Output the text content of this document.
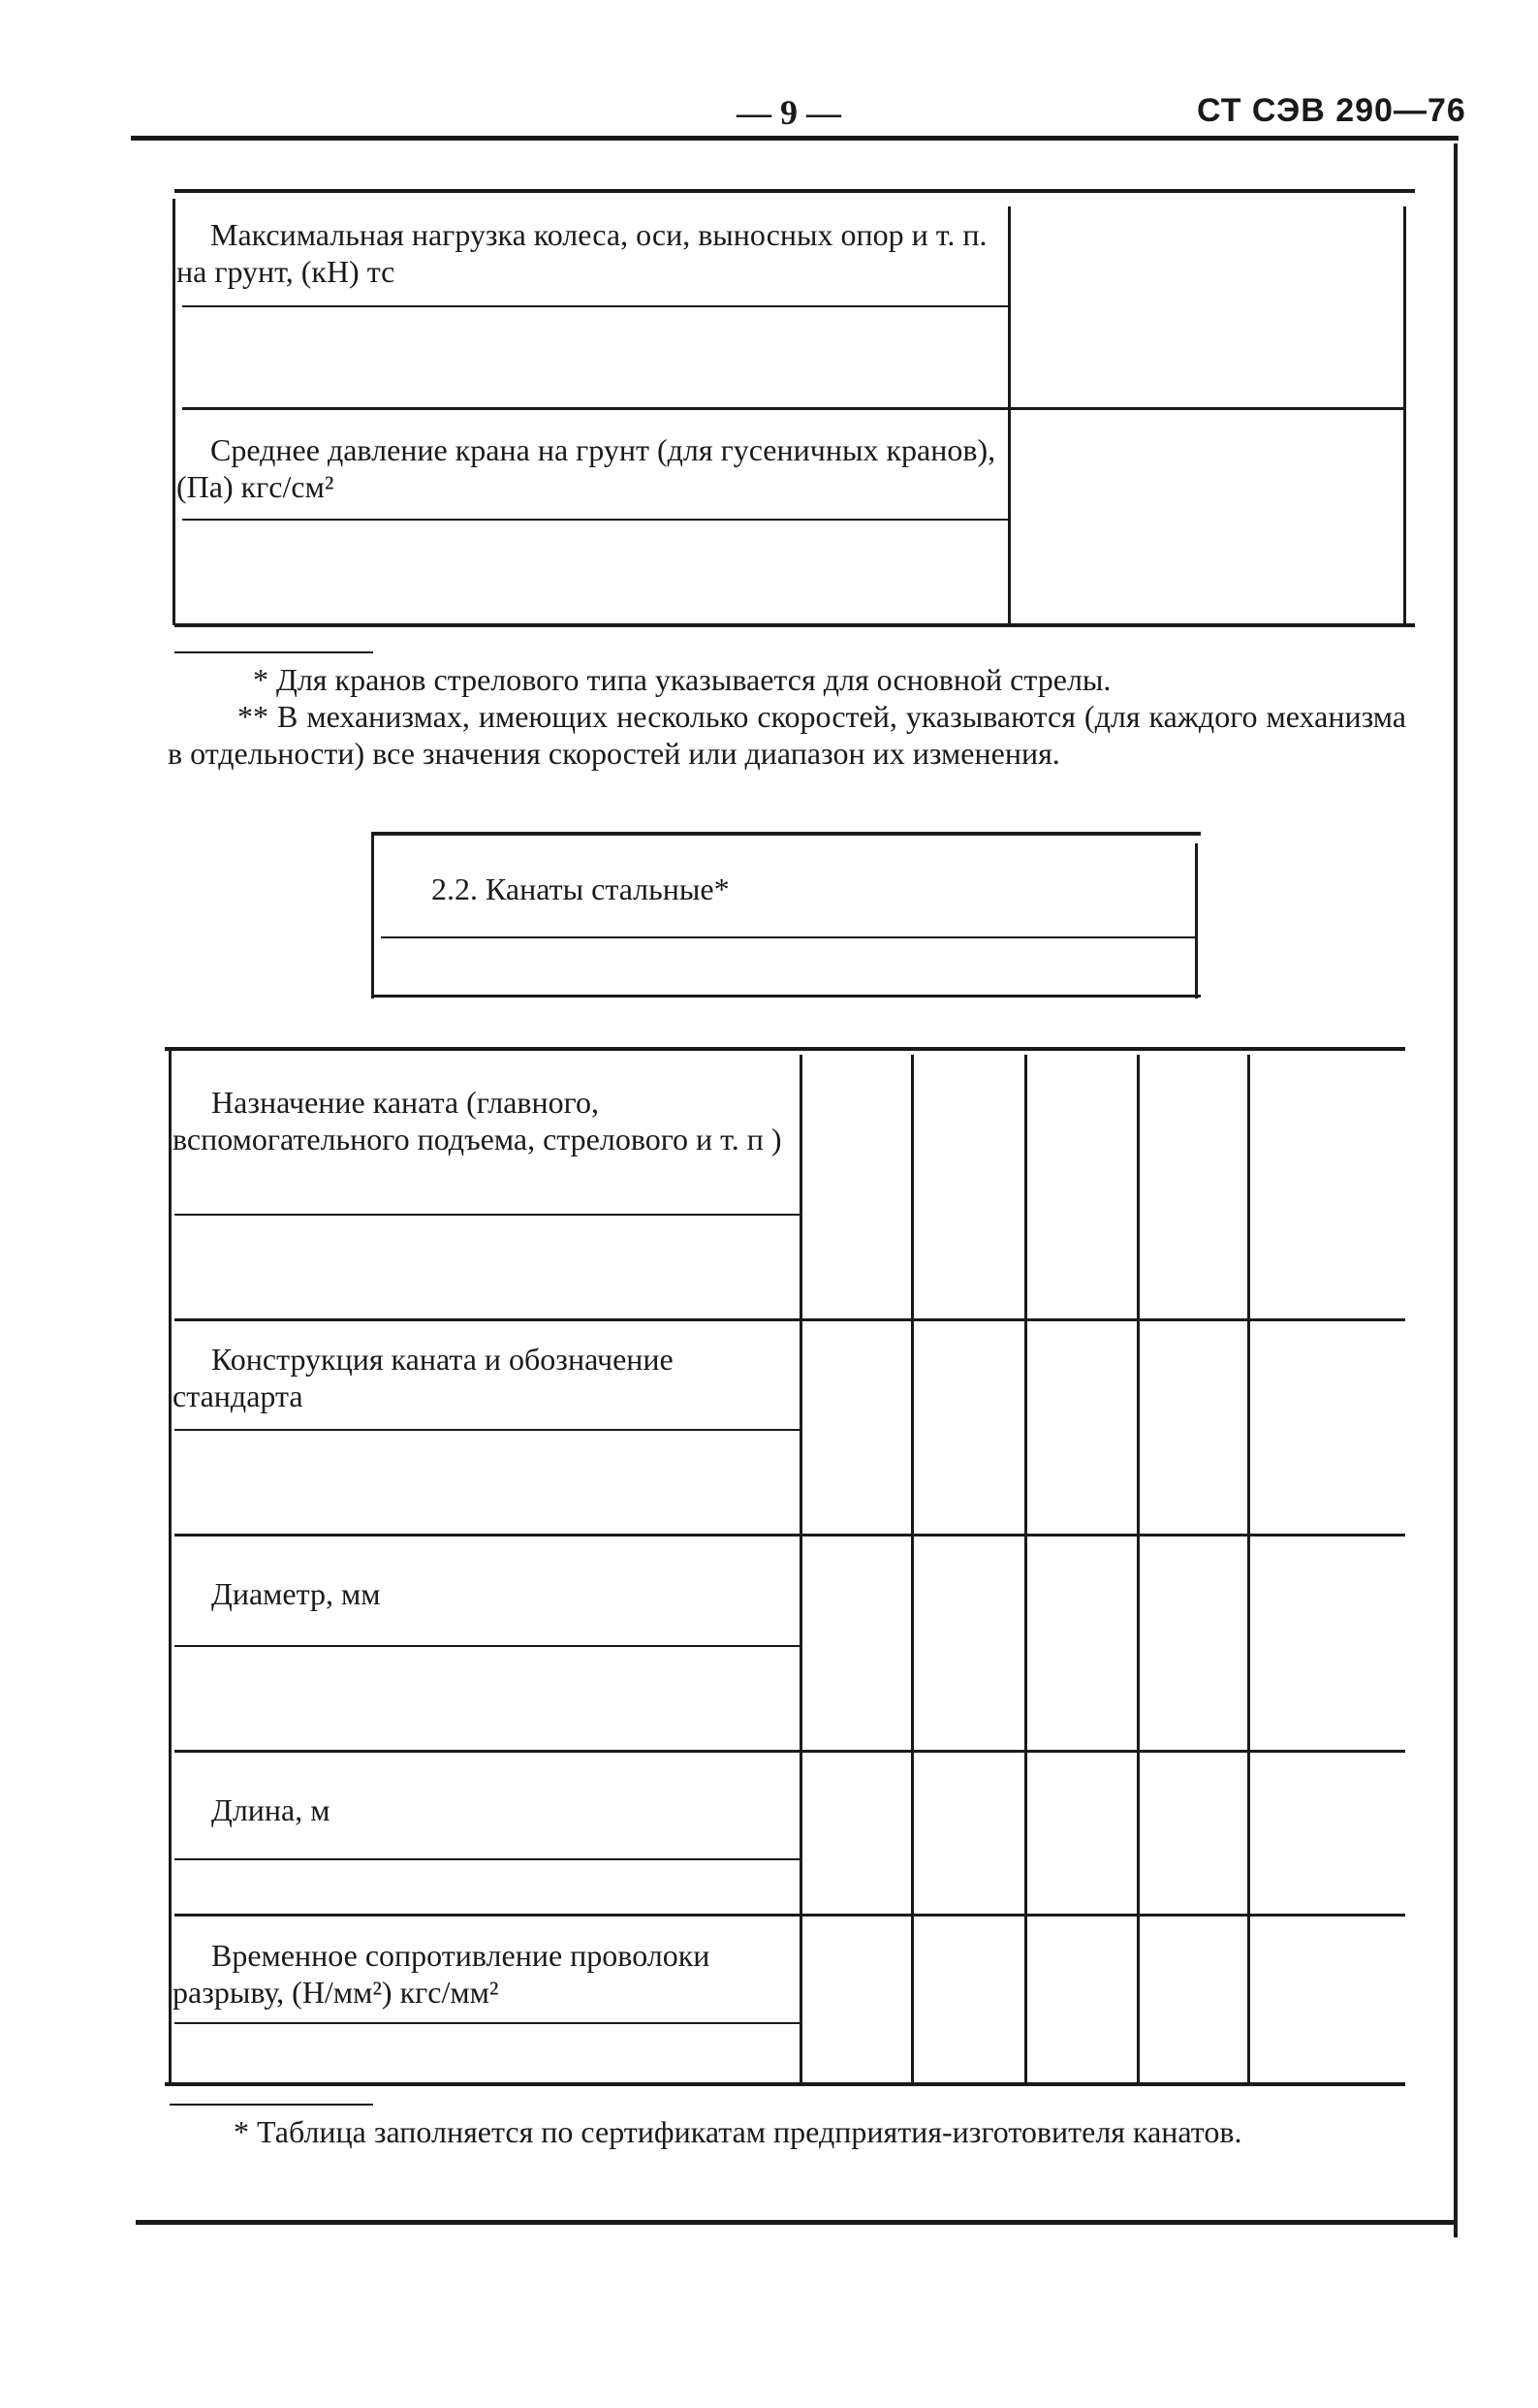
— 9 —	СТ СЭВ 290—76
Максимальная нагрузка колеса, оси, выносных опор и т. п. на грунт, (кН) тс
Среднее давление крана на грунт (для гусеничных кранов), (Па) кгс/см²
* Для кранов стрелового типа указывается для основной стрелы.
** В механизмах, имеющих несколько скоростей, указываются (для каждого механизма в отдельности) все значения скоростей или диапазон их изменения.
2.2. Канаты стальные*
Назначение каната (главного, вспомогательного подъема, стрелового и т. п )
Конструкция каната и обозначение стандарта
Диаметр, мм
Длина, м
Временное сопротивление проволоки разрыву, (Н/мм²) кгс/мм²
* Таблица заполняется по сертификатам предприятия-изготовителя канатов.
